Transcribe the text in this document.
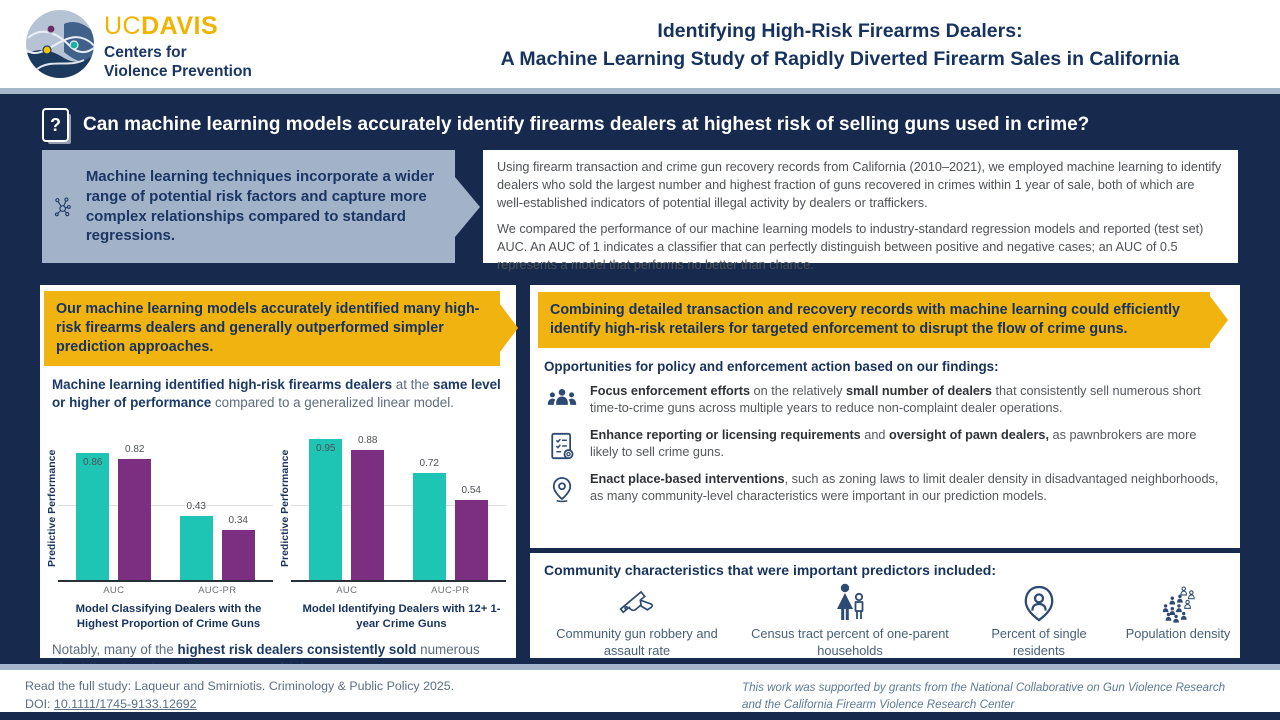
UCDAVIS
Centers for
Violence Prevention
Identifying High-Risk Firearms Dealers:
A Machine Learning Study of Rapidly Diverted Firearm Sales in California
?	Can machine learning models accurately identify firearms dealers at highest risk of selling guns used in crime?
Machine learning techniques incorporate a wider range of potential risk factors and capture more complex relationships compared to standard regressions.

Using firearm transaction and crime gun recovery records from California (2010–2021), we employed machine learning to identify dealers who sold the largest number and highest fraction of guns recovered in crimes within 1 year of sale, both of which are well-established indicators of potential illegal activity by dealers or traffickers.

We compared the performance of our machine learning models to industry-standard regression models and reported (test set) AUC. An AUC of 1 indicates a classifier that can perfectly distinguish between positive and negative cases; an AUC of 0.5 represents a model that performs no better than chance.

Our machine learning models accurately identified many high-risk firearms dealers and generally outperformed simpler prediction approaches.
Machine learning identified high-risk firearms dealers at the same level or higher of performance compared to a generalized linear model.
Predictive Performance	0.86
0.82
0.43
0.34
AUC	AUC-PR
Model Classifying Dealers with the Highest Proportion of Crime Guns
Predictive Performance
0.95
0.88
0.72
0.54
AUC	AUC-PR
Model Identifying Dealers with 12+ 1-year Crime Guns
Notably, many of the highest risk dealers consistently sold numerous
Combining detailed transaction and recovery records with machine learning could efficiently identify high-risk retailers for targeted enforcement to disrupt the flow of crime guns.
Opportunities for policy and enforcement action based on our findings:
Focus enforcement efforts on the relatively small number of dealers that consistently sell numerous short time-to-crime guns across multiple years to reduce non-complaint dealer operations.
Enhance reporting or licensing requirements and oversight of pawn dealers, as pawnbrokers are more likely to sell crime guns.
Enact place-based interventions, such as zoning laws to limit dealer density in disadvantaged neighborhoods, as many community-level characteristics were important in our prediction models.
Community characteristics that were important predictors included:
Community gun robbery and assault rate
Census tract percent of one-parent households
Percent of single residents
Population density
Read the full study: Laqueur and Smirniotis. Criminology & Public Policy 2025.
DOI: 10.1111/1745-9133.12692
This work was supported by grants from the National Collaborative on Gun Violence Research and the California Firearm Violence Research Center
